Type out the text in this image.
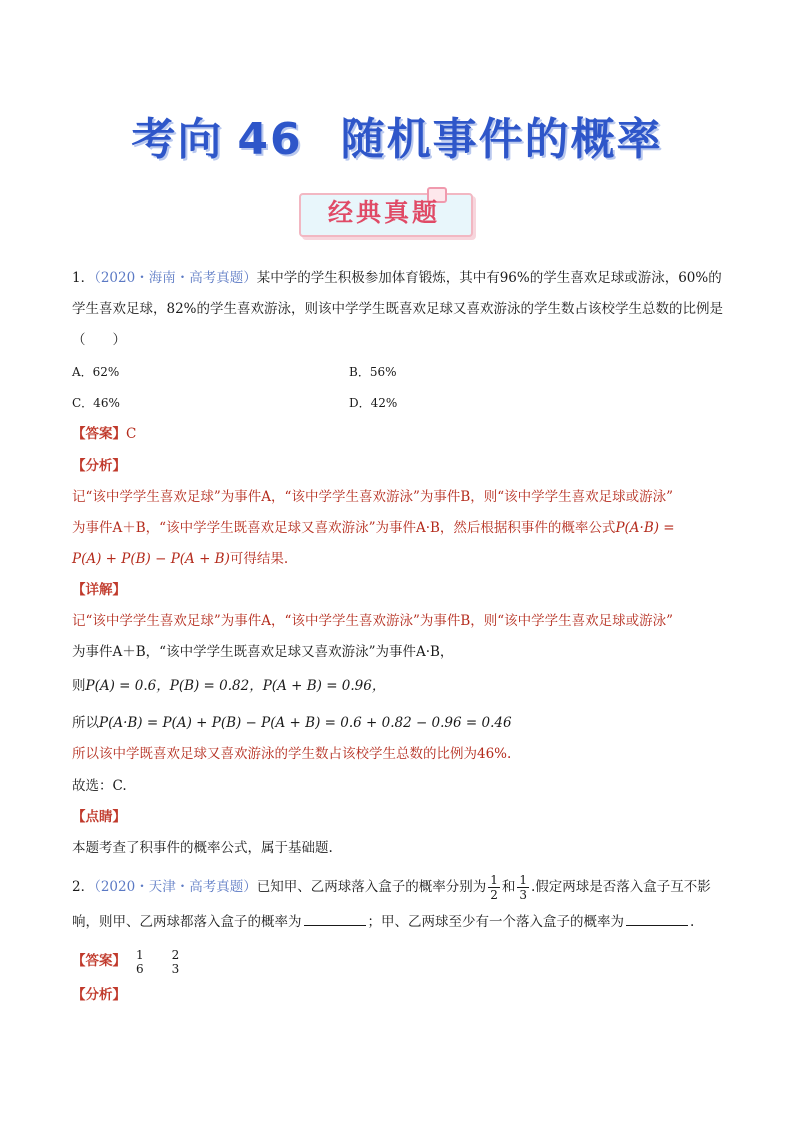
考向 46 随机事件的概率
经典真题
1．（2020・海南・高考真题）某中学的学生积极参加体育锻炼，其中有96%的学生喜欢足球或游泳，60%的
学生喜欢足球，82%的学生喜欢游泳，则该中学学生既喜欢足球又喜欢游泳的学生数占该校学生总数的比例是
（　　）
A．62%	B．56%
C．46%	D．42%
【答案】C
【分析】
记“该中学学生喜欢足球”为事件A，“该中学学生喜欢游泳”为事件B，则“该中学学生喜欢足球或游泳”
为事件A＋B，“该中学学生既喜欢足球又喜欢游泳”为事件A·B，然后根据积事件的概率公式P(A·B) =
P(A) + P(B) − P(A + B)可得结果.
【详解】
记“该中学学生喜欢足球”为事件A，“该中学学生喜欢游泳”为事件B，则“该中学学生喜欢足球或游泳”
为事件A＋B，“该中学学生既喜欢足球又喜欢游泳”为事件A·B，
则P(A) = 0.6，P(B) = 0.82，P(A + B) = 0.96，
所以P(A·B) = P(A) + P(B) − P(A + B) = 0.6 + 0.82 − 0.96 = 0.46
所以该中学既喜欢足球又喜欢游泳的学生数占该校学生总数的比例为46%.
故选：C.
【点睛】
本题考查了积事件的概率公式，属于基础题.
2．（2020・天津・高考真题）已知甲、乙两球落入盒子的概率分别为 $\frac{1}{2}$ 和 $\frac{1}{3}$ .假定两球是否落入盒子互不影
响，则甲、乙两球都落入盒子的概率为	；甲、乙两球至少有一个落入盒子的概率为	.
【答案】 1
6
2
3
【分析】
